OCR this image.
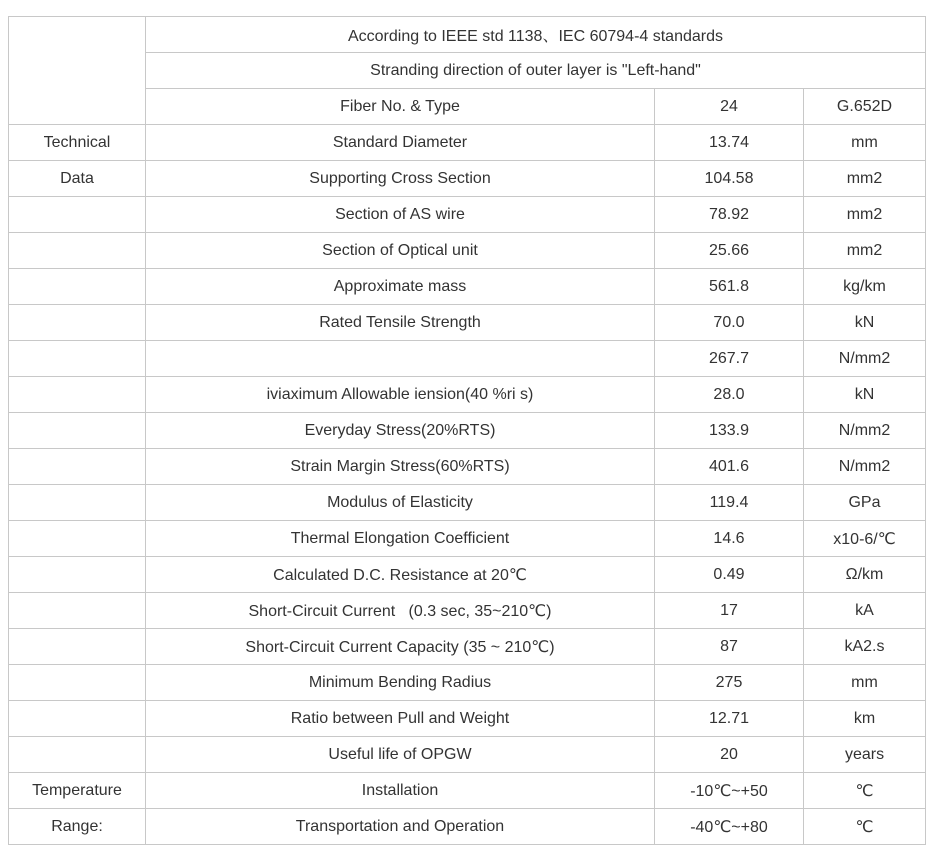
	According to IEEE std 1138、IEC 60794-4 standards		
	Stranding direction of outer layer is "Left-hand"		
	Fiber No. & Type	24	G.652D
Technical	Standard Diameter	13.74	mm
Data	Supporting Cross Section	104.58	mm2
	Section of AS wire	78.92	mm2
	Section of Optical unit	25.66	mm2
	Approximate mass	561.8	kg/km
	Rated Tensile Strength	70.0	kN
		267.7	N/mm2
	iviaximum Allowable iension(40 %ri s)	28.0	kN
	Everyday Stress(20%RTS)	133.9	N/mm2
	Strain Margin Stress(60%RTS)	401.6	N/mm2
	Modulus of Elasticity	119.4	GPa
	Thermal Elongation Coefficient	14.6	x10-6/℃
	Calculated D.C. Resistance at 20℃	0.49	Ω/km
	Short-Circuit Current   (0.3 sec, 35~210℃)	17	kA
	Short-Circuit Current Capacity (35 ~ 210℃)	87	kA2.s
	Minimum Bending Radius	275	mm
	Ratio between Pull and Weight	12.71	km
	Useful life of OPGW	20	years
Temperature	Installation	-10℃~+50	℃
Range:	Transportation and Operation	-40℃~+80	℃
